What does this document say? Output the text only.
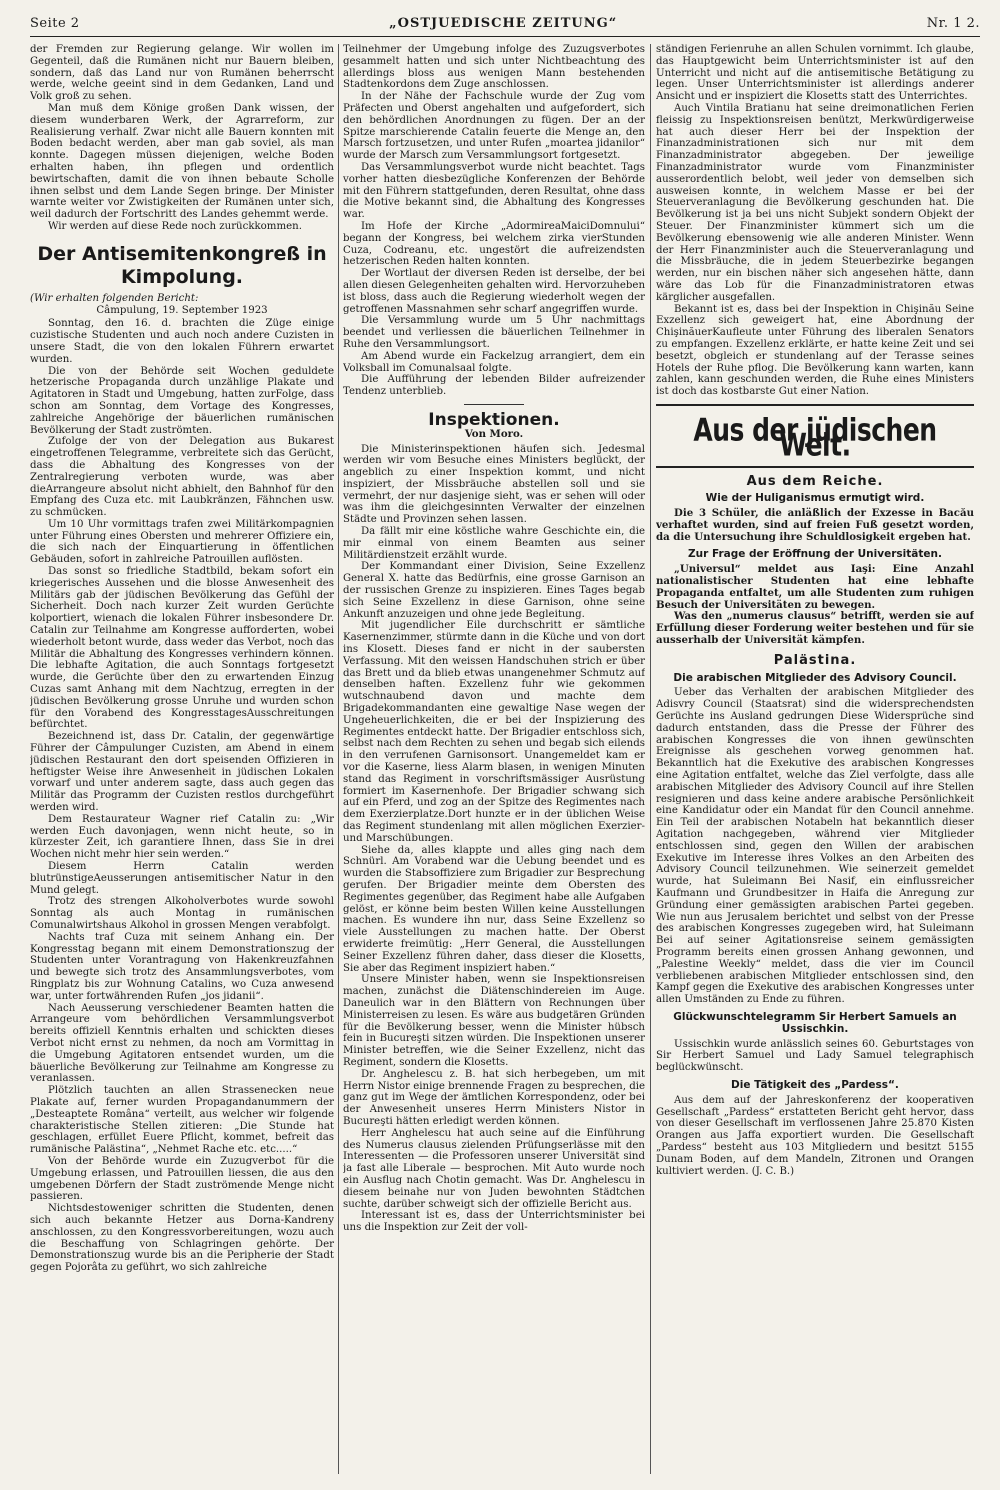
Seite 2	„OSTJUEDISCHE ZEITUNG“	Nr. 1 2.

der Fremden zur Regierung gelange. Wir wollen im Gegenteil, daß die Rumänen nicht nur Bauern bleiben, sondern, daß das Land nur von Rumänen beherrscht werde, welche geeint sind in dem Gedanken, Land und Volk groß zu sehen.

Man muß dem Könige großen Dank wissen, der diesem wunderbaren Werk, der Agrarreform, zur Realisierung verhalf. Zwar nicht alle Bauern konnten mit Boden bedacht werden, aber man gab soviel, als man konnte. Dagegen müssen diejenigen, welche Boden erhalten haben, ihn pflegen und ordentlich bewirtschaften, damit die von ihnen bebaute Scholle ihnen selbst und dem Lande Segen bringe. Der Minister warnte weiter vor Zwistigkeiten der Rumänen unter sich, weil dadurch der Fortschritt des Landes gehemmt werde.

Wir werden auf diese Rede noch zurückkommen.

Der Antisemitenkongreß in Kimpolung.

(Wir erhalten folgenden Bericht:

Câmpulung, 19. September 1923

Sonntag, den 16. d. brachten die Züge einige cuzistische Studenten und auch noch andere Cuzisten in unsere Stadt, die von den lokalen Führern erwartet wurden.

Die von der Behörde seit Wochen geduldete hetzerische Propaganda durch unzählige Plakate und Agitatoren in Stadt und Umgebung, hatten zurFolge, dass schon am Sonntag, dem Vortage des Kongresses, zahlreiche Angehörige der bäuerlichen rumänischen Bevölkerung der Stadt zuströmten.

Zufolge der von der Delegation aus Bukarest eingetroffenen Telegramme, verbreitete sich das Gerücht, dass die Abhaltung des Kongresses von der Zentralregierung verboten wurde, was aber dieArrangeure absolut nicht abhielt, den Bahnhof für den Empfang des Cuza etc. mit Laubkränzen, Fähnchen usw. zu schmücken.

Um 10 Uhr vormittags trafen zwei Militärkompagnien unter Führung eines Obersten und mehrerer Offiziere ein, die sich nach der Einquartierung in öffentlichen Gebäuden, sofort in zahlreiche Patrouillen auflösten.

Das sonst so friedliche Stadtbild, bekam sofort ein kriegerisches Aussehen und die blosse Anwesenheit des Militärs gab der jüdischen Bevölkerung das Gefühl der Sicherheit. Doch nach kurzer Zeit wurden Gerüchte kolportiert, wienach die lokalen Führer insbesondere Dr. Catalin zur Teilnahme am Kongresse aufforderten, wobei wiederholt betont wurde, dass weder das Verbot, noch das Militär die Abhaltung des Kongresses verhindern können. Die lebhafte Agitation, die auch Sonntags fortgesetzt wurde, die Gerüchte über den zu erwartenden Einzug Cuzas samt Anhang mit dem Nachtzug, erregten in der jüdischen Bevölkerung grosse Unruhe und wurden schon für den Vorabend des KongresstagesAusschreitungen befürchtet.

Bezeichnend ist, dass Dr. Catalin, der gegenwärtige Führer der Câmpulunger Cuzisten, am Abend in einem jüdischen Restaurant den dort speisenden Offizieren in heftigster Weise ihre Anwesenheit in jüdischen Lokalen vorwarf und unter anderem sagte, dass auch gegen das Militär das Programm der Cuzisten restlos durchgeführt werden wird.

Dem Restaurateur Wagner rief Catalin zu: „Wir werden Euch davonjagen, wenn nicht heute, so in kürzester Zeit, ich garantiere Ihnen, dass Sie in drei Wochen nicht mehr hier sein werden.“

Diesem Herrn Catalin werden blutrünstigeAeusserungen antisemitischer Natur in den Mund gelegt.

Trotz des strengen Alkoholverbotes wurde sowohl Sonntag als auch Montag in rumänischen Comunalwirtshaus Alkohol in grossen Mengen verabfolgt.

Nachts traf Cuza mit seinem Anhang ein. Der Kongresstag begann mit einem Demonstrationszug der Studenten unter Vorantragung von Hakenkreuzfahnen und bewegte sich trotz des Ansammlungsverbotes, vom Ringplatz bis zur Wohnung Catalins, wo Cuza anwesend war, unter fortwährenden Rufen „jos jidanii“.

Nach Aeusserung verschiedener Beamten hatten die Arrangeure vom behördlichen Versammlungsverbot bereits offiziell Kenntnis erhalten und schickten dieses Verbot nicht ernst zu nehmen, da noch am Vormittag in die Umgebung Agitatoren entsendet wurden, um die bäuerliche Bevölkerung zur Teilnahme am Kongresse zu veranlassen.

Plötzlich tauchten an allen Strassenecken neue Plakate auf, ferner wurden Propagandanummern der „Desteaptete Româna“ verteilt, aus welcher wir folgende charakteristische Stellen zitieren: „Die Stunde hat geschlagen, erfüllet Euere Pflicht, kommet, befreit das rumänische Palästina“, „Nehmet Rache etc. etc.....“

Von der Behörde wurde ein Zuzugverbot für die Umgebung erlassen, und Patrouillen liessen, die aus den umgebenen Dörfern der Stadt zuströmende Menge nicht passieren.

Nichtsdestoweniger schritten die Studenten, denen sich auch bekannte Hetzer aus Dorna-Kandreny anschlossen, zu den Kongressvorbereitungen, wozu auch die Beschaffung von Schlagringen gehörte. Der Demonstrationszug wurde bis an die Peripherie der Stadt gegen Pojorâta zu geführt, wo sich zahlreiche

Teilnehmer der Umgebung infolge des Zuzugsverbotes gesammelt hatten und sich unter Nichtbeachtung des allerdings bloss aus wenigen Mann bestehenden Stadtenkordons dem Zuge anschlossen.

In der Nähe der Fachschule wurde der Zug vom Präfecten und Oberst angehalten und aufgefordert, sich den behördlichen Anordnungen zu fügen. Der an der Spitze marschierende Catalin feuerte die Menge an, den Marsch fortzusetzen, und unter Rufen „moartea jidanilor“ wurde der Marsch zum Versammlungsort fortgesetzt.

Das Versammlungsverbot wurde nicht beachtet. Tags vorher hatten diesbezügliche Konferenzen der Behörde mit den Führern stattgefunden, deren Resultat, ohne dass die Motive bekannt sind, die Abhaltung des Kongresses war.

Im Hofe der Kirche „AdormireaMaiciDomnului“ begann der Kongress, bei welchem zirka vierStunden Cuza, Codreanu, etc. ungestört die aufreizendsten hetzerischen Reden halten konnten.

Der Wortlaut der diversen Reden ist derselbe, der bei allen diesen Gelegenheiten gehalten wird. Hervorzuheben ist bloss, dass auch die Regierung wiederholt wegen der getroffenen Massnahmen sehr scharf angegriffen wurde.

Die Versammlung wurde um 5 Uhr nachmittags beendet und verliessen die bäuerlichen Teilnehmer in Ruhe den Versammlungsort.

Am Abend wurde ein Fackelzug arrangiert, dem ein Volksball im Comunalsaal folgte.

Die Aufführung der lebenden Bilder aufreizender Tendenz unterblieb.

Inspektionen.
Von Moro.

Die Ministerinspektionen häufen sich. Jedesmal werden wir vom Besuche eines Ministers beglückt, der angeblich zu einer Inspektion kommt, und nicht inspiziert, der Missbräuche abstellen soll und sie vermehrt, der nur dasjenige sieht, was er sehen will oder was ihm die gleichgesinnten Verwalter der einzelnen Städte und Provinzen sehen lassen.

Da fällt mir eine köstliche wahre Geschichte ein, die mir einmal von einem Beamten aus seiner Militärdienstzeit erzählt wurde.

Der Kommandant einer Division, Seine Exzellenz General X. hatte das Bedürfnis, eine grosse Garnison an der russischen Grenze zu inspizieren. Eines Tages begab sich Seine Exzellenz in diese Garnison, ohne seine Ankunft anzuzeigen und ohne jede Begleitung.

Mit jugendlicher Eile durchschritt er sämtliche Kasernenzimmer, stürmte dann in die Küche und von dort ins Klosett. Dieses fand er nicht in der saubersten Verfassung. Mit den weissen Handschuhen strich er über das Brett und da blieb etwas unangenehmer Schmutz auf denselben haften. Exzellenz fuhr wie gekommen wutschnaubend davon und machte dem Brigadekommandanten eine gewaltige Nase wegen der Ungeheuerlichkeiten, die er bei der Inspizierung des Regimentes entdeckt hatte. Der Brigadier entschloss sich, selbst nach dem Rechten zu sehen und begab sich eilends in den verrufenen Garnisonsort. Unangemeldet kam er vor die Kaserne, liess Alarm blasen, in wenigen Minuten stand das Regiment in vorschriftsmässiger Ausrüstung formiert im Kasernenhofe. Der Brigadier schwang sich auf ein Pferd, und zog an der Spitze des Regimentes nach dem Exerzierplatze.Dort hunzte er in der üblichen Weise das Regiment stundenlang mit allen möglichen Exerzier- und Marschübungen.

Siehe da, alles klappte und alles ging nach dem Schnürl. Am Vorabend war die Uebung beendet und es wurden die Stabsoffiziere zum Brigadier zur Besprechung gerufen. Der Brigadier meinte dem Obersten des Regimentes gegenüber, das Regiment habe alle Aufgaben gelöst, er könne beim besten Willen keine Ausstellungen machen. Es wundere ihn nur, dass Seine Exzellenz so viele Ausstellungen zu machen hatte. Der Oberst erwiderte freimütig: „Herr General, die Ausstellungen Seiner Exzellenz führen daher, dass dieser die Klosetts, Sie aber das Regiment inspiziert haben.“

Unsere Minister haben, wenn sie Inspektionsreisen machen, zunächst die Diätenschindereien im Auge. Daneulich war in den Blättern von Rechnungen über Ministerreisen zu lesen. Es wäre aus budgetären Gründen für die Bevölkerung besser, wenn die Minister hübsch fein in Bucureşti sitzen würden. Die Inspektionen unserer Minister betreffen, wie die Seiner Exzellenz, nicht das Regiment, sondern die Klosetts.

Dr. Anghelescu z. B. hat sich herbegeben, um mit Herrn Nistor einige brennende Fragen zu besprechen, die ganz gut im Wege der ämtlichen Korrespondenz, oder bei der Anwesenheit unseres Herrn Ministers Nistor in Bucureşti hätten erledigt werden können.

Herr Anghelescu hat auch seine auf die Einführung des Numerus clausus zielenden Prüfungserlässe mit den Interessenten — die Professoren unserer Universität sind ja fast alle Liberale — besprochen. Mit Auto wurde noch ein Ausflug nach Chotin gemacht. Was Dr. Anghelescu in diesem beinahe nur von Juden bewohnten Städtchen suchte, darüber schweigt sich der offizielle Bericht aus.

Interessant ist es, dass der Unterrichtsminister bei uns die Inspektion zur Zeit der voll-

ständigen Ferienruhe an allen Schulen vornimmt. Ich glaube, das Hauptgewicht beim Unterrichtsminister ist auf den Unterricht und nicht auf die antisemitische Betätigung zu legen. Unser Unterrichtsminister ist allerdings anderer Ansicht und er inspiziert die Klosetts statt des Unterrichtes.

Auch Vintila Bratianu hat seine dreimonatlichen Ferien fleissig zu Inspektionsreisen benützt, Merkwürdigerweise hat auch dieser Herr bei der Inspektion der Finanzadministrationen sich nur mit dem Finanzadministrator abgegeben. Der jeweilige Finanzadministrator wurde vom Finanzminister ausserordentlich belobt, weil jeder von demselben sich ausweisen konnte, in welchem Masse er bei der Steuerveranlagung die Bevölkerung geschunden hat. Die Bevölkerung ist ja bei uns nicht Subjekt sondern Objekt der Steuer. Der Finanzminister kümmert sich um die Bevölkerung ebensowenig wie alle anderen Minister. Wenn der Herr Finanzminister auch die Steuerveranlagung und die Missbräuche, die in jedem Steuerbezirke begangen werden, nur ein bischen näher sich angesehen hätte, dann wäre das Lob für die Finanzadministratoren etwas kärglicher ausgefallen.

Bekannt ist es, dass bei der Inspektion in Chişinău Seine Exzellenz sich geweigert hat, eine Abordnung der ChişinăuerKaufleute unter Führung des liberalen Senators zu empfangen. Exzellenz erklärte, er hatte keine Zeit und sei besetzt, obgleich er stundenlang auf der Terasse seines Hotels der Ruhe pflog. Die Bevölkerung kann warten, kann zahlen, kann geschunden werden, die Ruhe eines Ministers ist doch das kostbarste Gut einer Nation.

Aus der jüdischen Welt.
Aus dem Reiche.
Wie der Huliganismus ermutigt wird.

Die 3 Schüler, die anläßlich der Exzesse in Bacău verhaftet wurden, sind auf freien Fuß gesetzt worden, da die Untersuchung ihre Schuldlosigkeit ergeben hat.

Zur Frage der Eröffnung der Universitäten.

„Universul“ meldet aus Iaşi: Eine Anzahl nationalistischer Studenten hat eine lebhafte Propaganda entfaltet, um alle Studenten zum ruhigen Besuch der Universitäten zu bewegen.

Was den „numerus clausus“ betrifft, werden sie auf Erfüllung dieser Forderung weiter bestehen und für sie ausserhalb der Universität kämpfen.

Palästina.
Die arabischen Mitglieder des Advisory Council.

Ueber das Verhalten der arabischen Mitglieder des Adisvry Council (Staatsrat) sind die widersprechendsten Gerüchte ins Ausland gedrungen Diese Widersprüche sind dadurch entstanden, dass die Presse der Führer des arabischen Kongresses die von ihnen gewünschten Ereignisse als geschehen vorweg genommen hat. Bekanntlich hat die Exekutive des arabischen Kongresses eine Agitation entfaltet, welche das Ziel verfolgte, dass alle arabischen Mitglieder des Advisory Council auf ihre Stellen resignieren und dass keine andere arabische Persönlichkeit eine Kandidatur oder ein Mandat für den Council annehme. Ein Teil der arabischen Notabeln hat bekanntlich dieser Agitation nachgegeben, während vier Mitglieder entschlossen sind, gegen den Willen der arabischen Exekutive im Interesse ihres Volkes an den Arbeiten des Advisory Council teilzunehmen. Wie seinerzeit gemeldet wurde, hat Suleimann Bei Nasif, ein einflussreicher Kaufmann und Grundbesitzer in Haifa die Anregung zur Gründung einer gemässigten arabischen Partei gegeben. Wie nun aus Jerusalem berichtet und selbst von der Presse des arabischen Kongresses zugegeben wird, hat Suleimann Bei auf seiner Agitationsreise seinem gemässigten Programm bereits einen grossen Anhang gewonnen, und „Palestine Weekly“ meldet, dass die vier im Council verbliebenen arabischen Mitglieder entschlossen sind, den Kampf gegen die Exekutive des arabischen Kongresses unter allen Umständen zu Ende zu führen.

Glückwunschtelegramm Sir Herbert Samuels an Ussischkin.

Ussischkin wurde anlässlich seines 60. Geburtstages von Sir Herbert Samuel und Lady Samuel telegraphisch beglückwünscht.

Die Tätigkeit des „Pardess“.

Aus dem auf der Jahreskonferenz der kooperativen Gesellschaft „Pardess“ erstatteten Bericht geht hervor, dass von dieser Gesellschaft im verflossenen Jahre 25.870 Kisten Orangen aus Jaffa exportiert wurden. Die Gesellschaft „Pardess“ besteht aus 103 Mitgliedern und besitzt 5155 Dunam Boden, auf dem Mandeln, Zitronen und Orangen kultiviert werden. (J. C. B.)
